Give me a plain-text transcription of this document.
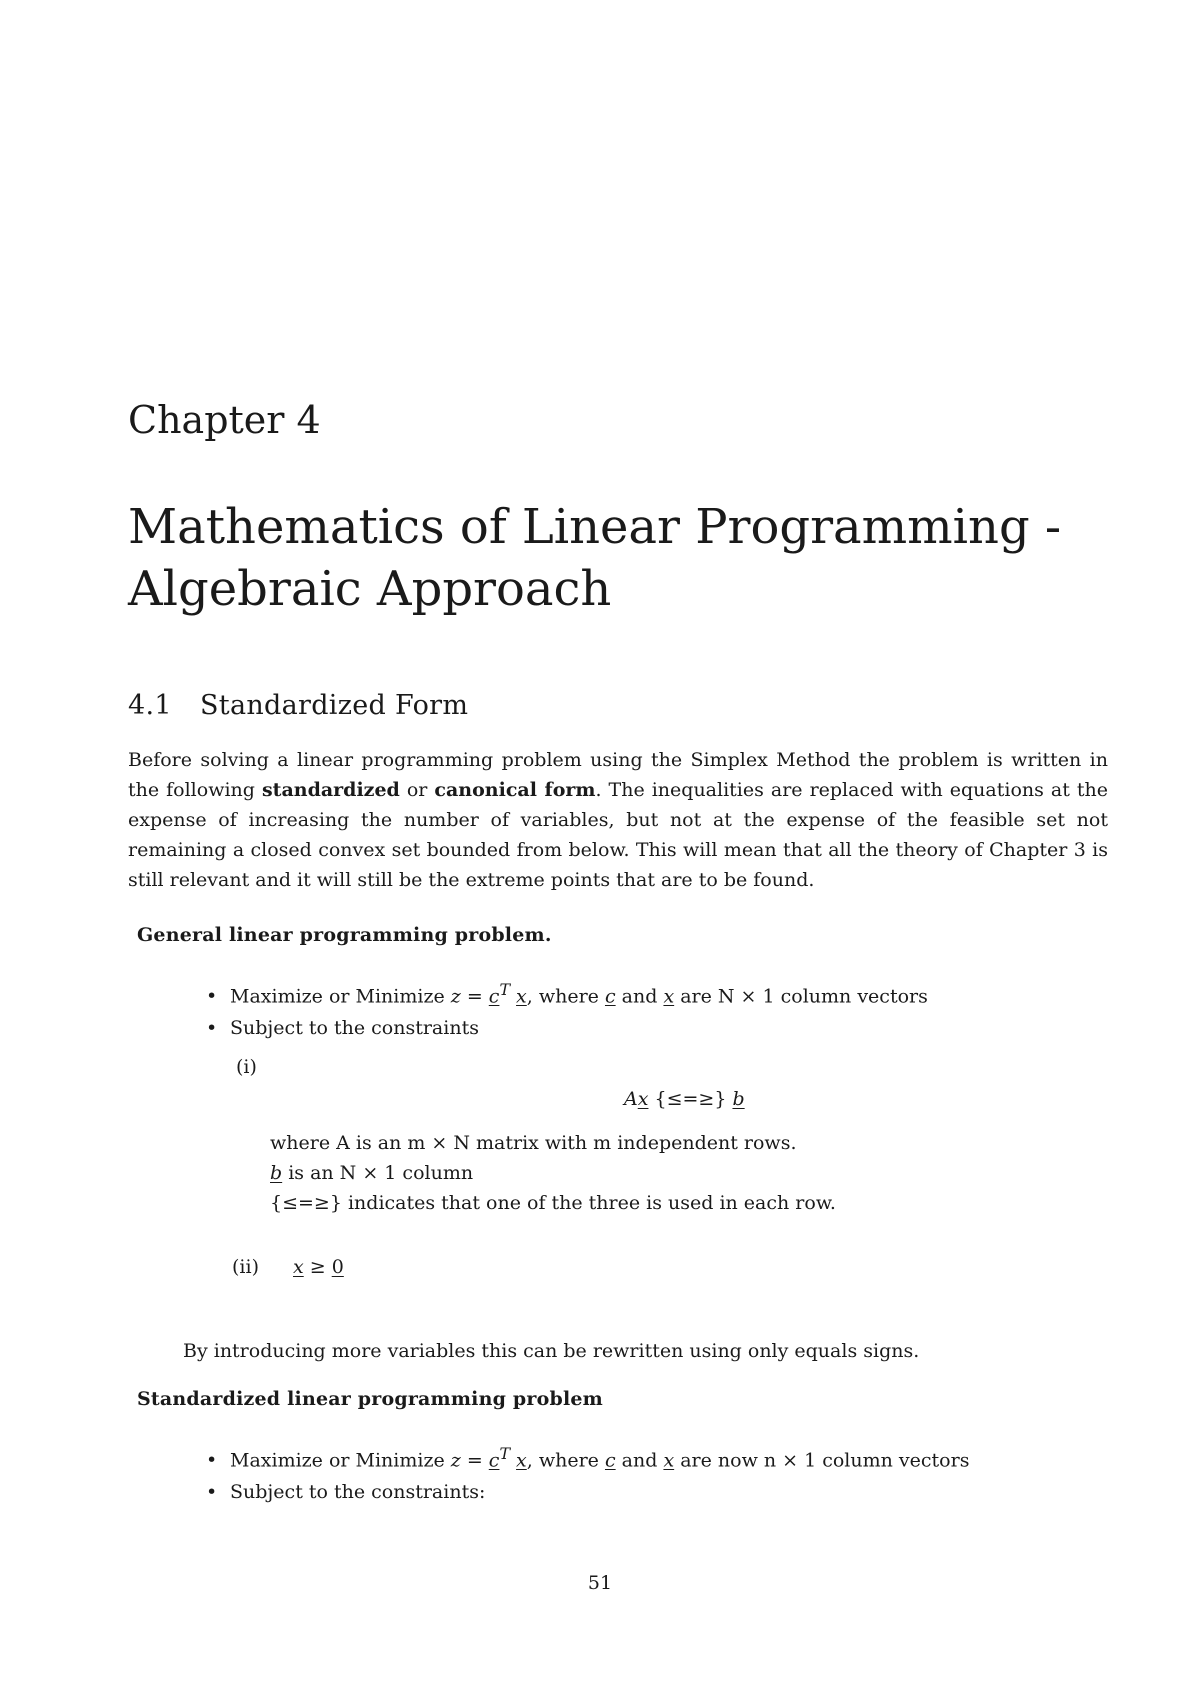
Chapter 4
Mathematics of Linear Programming -
Algebraic Approach
4.1 Standardized Form

Before solving a linear programming problem using the Simplex Method the problem is written in the following standardized or canonical form. The inequalities are replaced with equations at the expense of increasing the number of variables, but not at the expense of the feasible set not remaining a closed convex set bounded from below. This will mean that all the theory of Chapter 3 is still relevant and it will still be the extreme points that are to be found.

General linear programming problem.

• Maximize or Minimize $z = c^T$ x, where c and x are N × 1 column vectors

• Subject to the constraints

(i)

Ax {≤=≥} b

where A is an m × N matrix with m independent rows.

b is an N × 1 column

{≤=≥} indicates that one of the three is used in each row.

(ii) x ≥ 0

By introducing more variables this can be rewritten using only equals signs.

Standardized linear programming problem

• Maximize or Minimize $z = c^T$ x, where c and x are now n × 1 column vectors

• Subject to the constraints:

51
